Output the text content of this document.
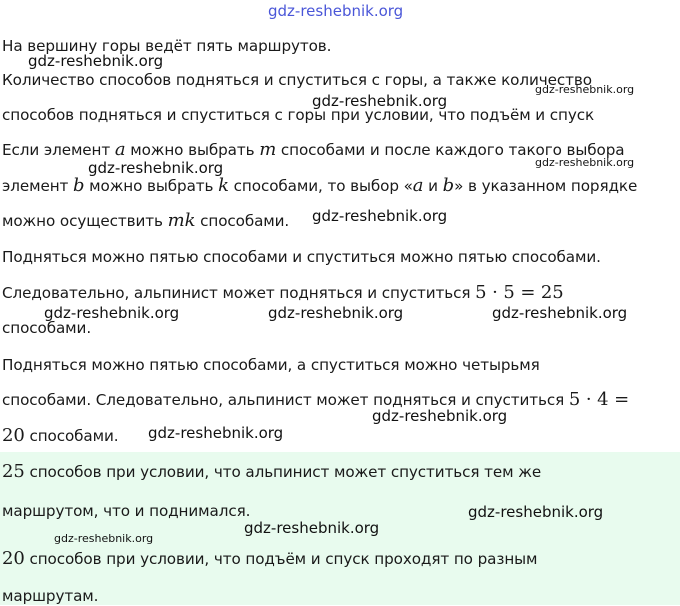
На вершину горы ведёт пять маршрутов.
Количество способов подняться и спуститься с горы, а также количество
способов подняться и спуститься с горы при условии, что подъём и спуск
Если элемент a можно выбрать m способами и после каждого такого выбора
элемент b можно выбрать k способами, то выбор «a и b» в указанном порядке
можно осуществить mk способами.
Подняться можно пятью способами и спуститься можно пятью способами.
Следовательно, альпинист может подняться и спуститься 5 · 5 = 25
способами.
Подняться можно пятью способами, а спуститься можно четырьмя
способами. Следовательно, альпинист может подняться и спуститься 5 · 4 =
20 способами.
25 способов при условии, что альпинист может спуститься тем же
маршрутом, что и поднимался.
20 способов при условии, что подъём и спуск проходят по разным
маршрутам.
gdz-reshebnik.org
gdz-reshebnik.org
gdz-reshebnik.org
gdz-reshebnik.org
gdz-reshebnik.org	gdz-reshebnik.org
gdz-reshebnik.org
gdz-reshebnik.org	gdz-reshebnik.org	gdz-reshebnik.org
gdz-reshebnik.org
gdz-reshebnik.org
gdz-reshebnik.org
gdz-reshebnik.org
gdz-reshebnik.org
